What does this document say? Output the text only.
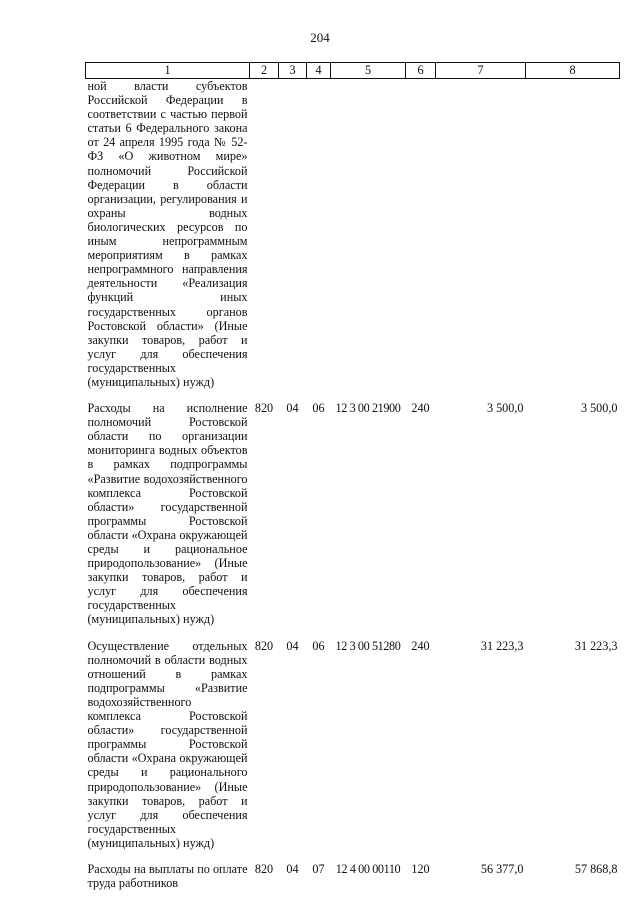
204
1	2	3	4	5	6	7	8
ной власти субъектов Российской Федерации в соответствии с частью первой статьи 6 Федерального закона от 24 апреля 1995 года № 52-ФЗ «О животном мире» полномочий Российской Федерации в области организации, регулирования и охраны водных биологических ресурсов по иным непрограммным мероприятиям в рамках непрограммного направления деятельности «Реализация функций иных государственных органов Ростовской области» (Иные закупки товаров, работ и услуг для обеспечения государственных (муниципальных) нужд)							

Расходы на исполнение полномочий Ростовской области по организации мониторинга водных объектов в рамках подпрограммы «Развитие водохозяйственного комплекса Ростовской области» государственной программы Ростовской области «Охрана окружающей среды и рациональное природопользование» (Иные закупки товаров, работ и услуг для обеспечения государственных (муниципальных) нужд)	820	04	06	12 3 00 21900	240	3 500,0	3 500,0

Осуществление отдельных полномочий в области водных отношений в рамках подпрограммы «Развитие водохозяйственного комплекса Ростовской области» государственной программы Ростовской области «Охрана окружающей среды и рационального природопользование» (Иные закупки товаров, работ и услуг для обеспечения государственных (муниципальных) нужд)	820	04	06	12 3 00 51280	240	31 223,3	31 223,3

Расходы на выплаты по оплате труда работников	820	04	07	12 4 00 00110	120	56 377,0	57 868,8
